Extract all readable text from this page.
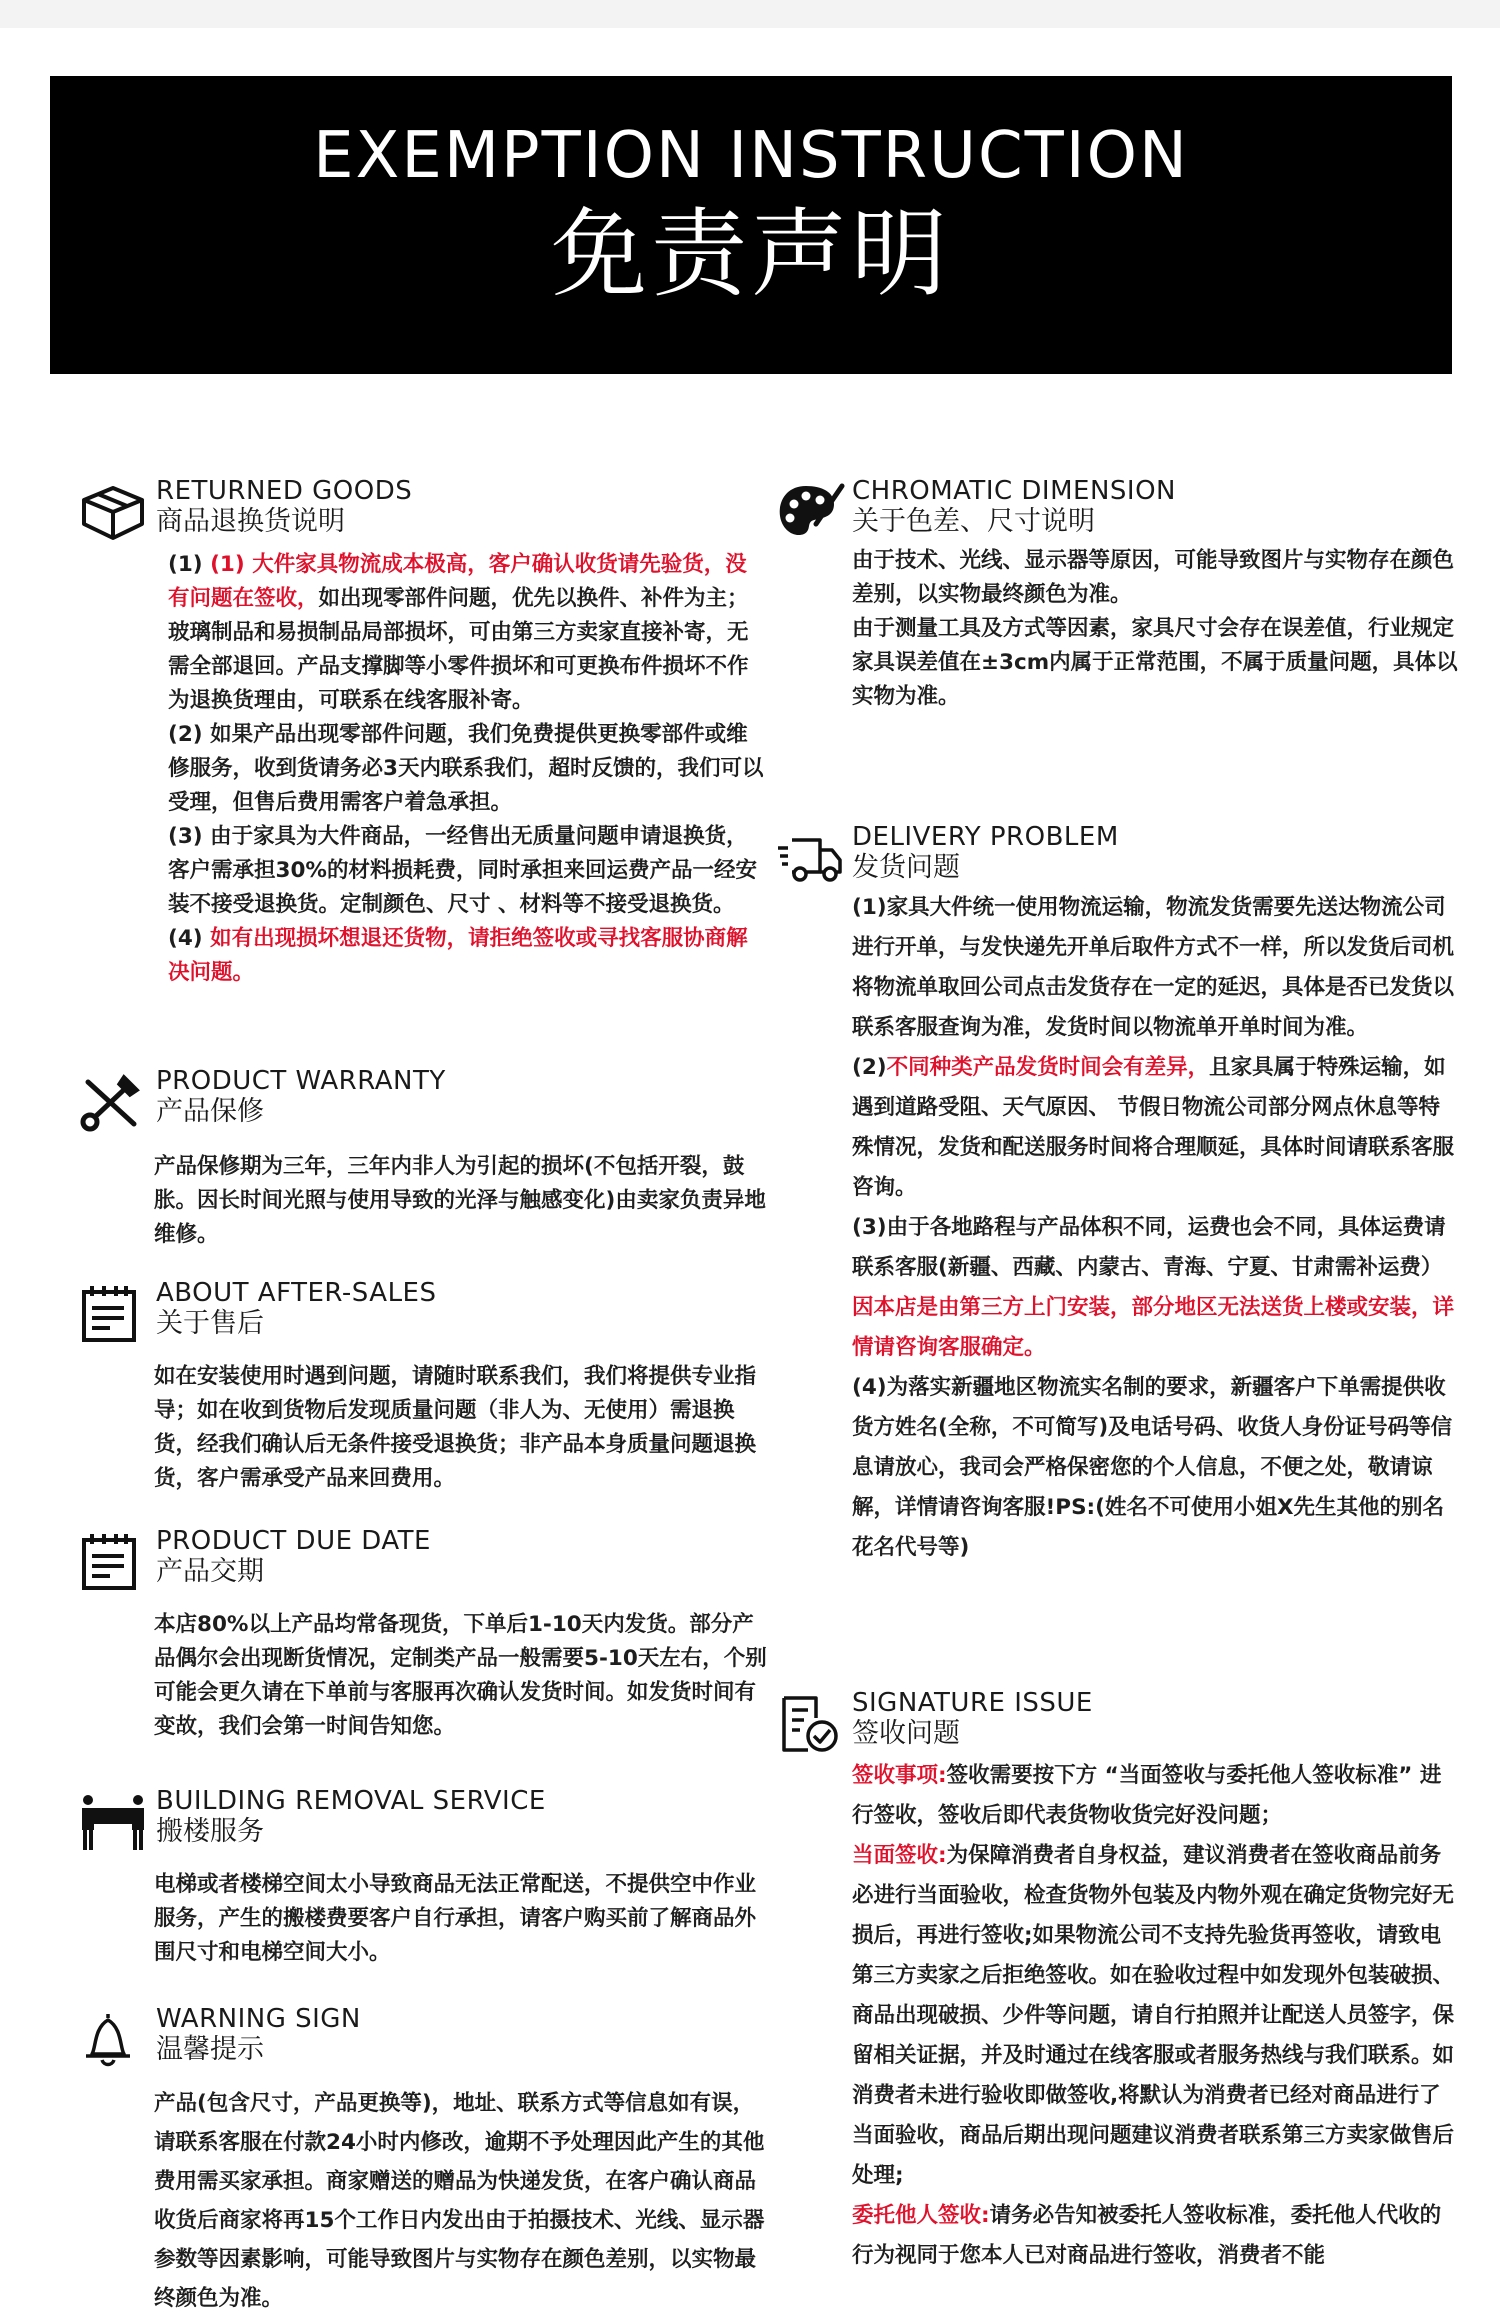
EXEMPTION INSTRUCTION
免责声明
RETURNED GOODS
商品退换货说明

(1) (1) 大件家具物流成本极高，客户确认收货请先验货，没有问题在签收，如出现零部件问题，优先以换件、补件为主；玻璃制品和易损制品局部损坏，可由第三方卖家直接补寄，无需全部退回。产品支撑脚等小零件损坏和可更换布件损坏不作为退换货理由，可联系在线客服补寄。

(2) 如果产品出现零部件问题，我们免费提供更换零部件或维修服务，收到货请务必3天内联系我们，超时反馈的，我们可以受理，但售后费用需客户着急承担。

(3) 由于家具为大件商品，一经售出无质量问题申请退换货，客户需承担30%的材料损耗费，同时承担来回运费产品一经安装不接受退换货。定制颜色、尺寸 、材料等不接受退换货。

(4) 如有出现损坏想退还货物，请拒绝签收或寻找客服协商解决问题。

PRODUCT WARRANTY
产品保修

产品保修期为三年，三年内非人为引起的损坏(不包括开裂，鼓胀。因长时间光照与使用导致的光泽与触感变化)由卖家负责异地维修。

ABOUT AFTER-SALES
关于售后

如在安装使用时遇到问题，请随时联系我们，我们将提供专业指导；如在收到货物后发现质量问题（非人为、无使用）需退换货，经我们确认后无条件接受退换货；非产品本身质量问题退换货，客户需承受产品来回费用。

PRODUCT DUE DATE
产品交期

本店80%以上产品均常备现货，下单后1-10天内发货。部分产品偶尔会出现断货情况，定制类产品一般需要5-10天左右，个别可能会更久请在下单前与客服再次确认发货时间。如发货时间有变故，我们会第一时间告知您。

BUILDING REMOVAL SERVICE
搬楼服务

电梯或者楼梯空间太小导致商品无法正常配送，不提供空中作业服务，产生的搬楼费要客户自行承担，请客户购买前了解商品外围尺寸和电梯空间大小。

WARNING SIGN
温馨提示

产品(包含尺寸，产品更换等)，地址、联系方式等信息如有误，请联系客服在付款24小时内修改，逾期不予处理因此产生的其他费用需买家承担。商家赠送的赠品为快递发货，在客户确认商品收货后商家将再15个工作日内发出由于拍摄技术、光线、显示器参数等因素影响，可能导致图片与实物存在颜色差别，以实物最终颜色为准。

CHROMATIC DIMENSION
关于色差、尺寸说明

由于技术、光线、显示器等原因，可能导致图片与实物存在颜色差别，以实物最终颜色为准。

由于测量工具及方式等因素，家具尺寸会存在误差值，行业规定家具误差值在±3cm内属于正常范围，不属于质量问题，具体以实物为准。

DELIVERY PROBLEM
发货问题

(1)家具大件统一使用物流运输，物流发货需要先送达物流公司进行开单，与发快递先开单后取件方式不一样，所以发货后司机将物流单取回公司点击发货存在一定的延迟，具体是否已发货以联系客服查询为准，发货时间以物流单开单时间为准。

(2)不同种类产品发货时间会有差异，且家具属于特殊运输，如遇到道路受阻、天气原因、 节假日物流公司部分网点休息等特殊情况，发货和配送服务时间将合理顺延，具体时间请联系客服咨询。

(3)由于各地路程与产品体积不同，运费也会不同，具体运费请联系客服(新疆、西藏、内蒙古、青海、宁夏、甘肃需补运费）因本店是由第三方上门安装，部分地区无法送货上楼或安装，详情请咨询客服确定。

(4)为落实新疆地区物流实名制的要求，新疆客户下单需提供收货方姓名(全称，不可简写)及电话号码、收货人身份证号码等信息请放心，我司会严格保密您的个人信息，不便之处，敬请谅解，详情请咨询客服!PS:(姓名不可使用小姐X先生其他的别名花名代号等)

SIGNATURE ISSUE
签收问题

签收事项:签收需要按下方 “当面签收与委托他人签收标准” 进行签收，签收后即代表货物收货完好没问题；

当面签收:为保障消费者自身权益，建议消费者在签收商品前务必进行当面验收，检查货物外包装及内物外观在确定货物完好无损后，再进行签收;如果物流公司不支持先验货再签收，请致电第三方卖家之后拒绝签收。如在验收过程中如发现外包装破损、商品出现破损、少件等问题，请自行拍照并让配送人员签字，保留相关证据，并及时通过在线客服或者服务热线与我们联系。如消费者未进行验收即做签收,将默认为消费者已经对商品进行了当面验收，商品后期出现问题建议消费者联系第三方卖家做售后处理;

委托他人签收:请务必告知被委托人签收标准，委托他人代收的行为视同于您本人已对商品进行签收，消费者不能
